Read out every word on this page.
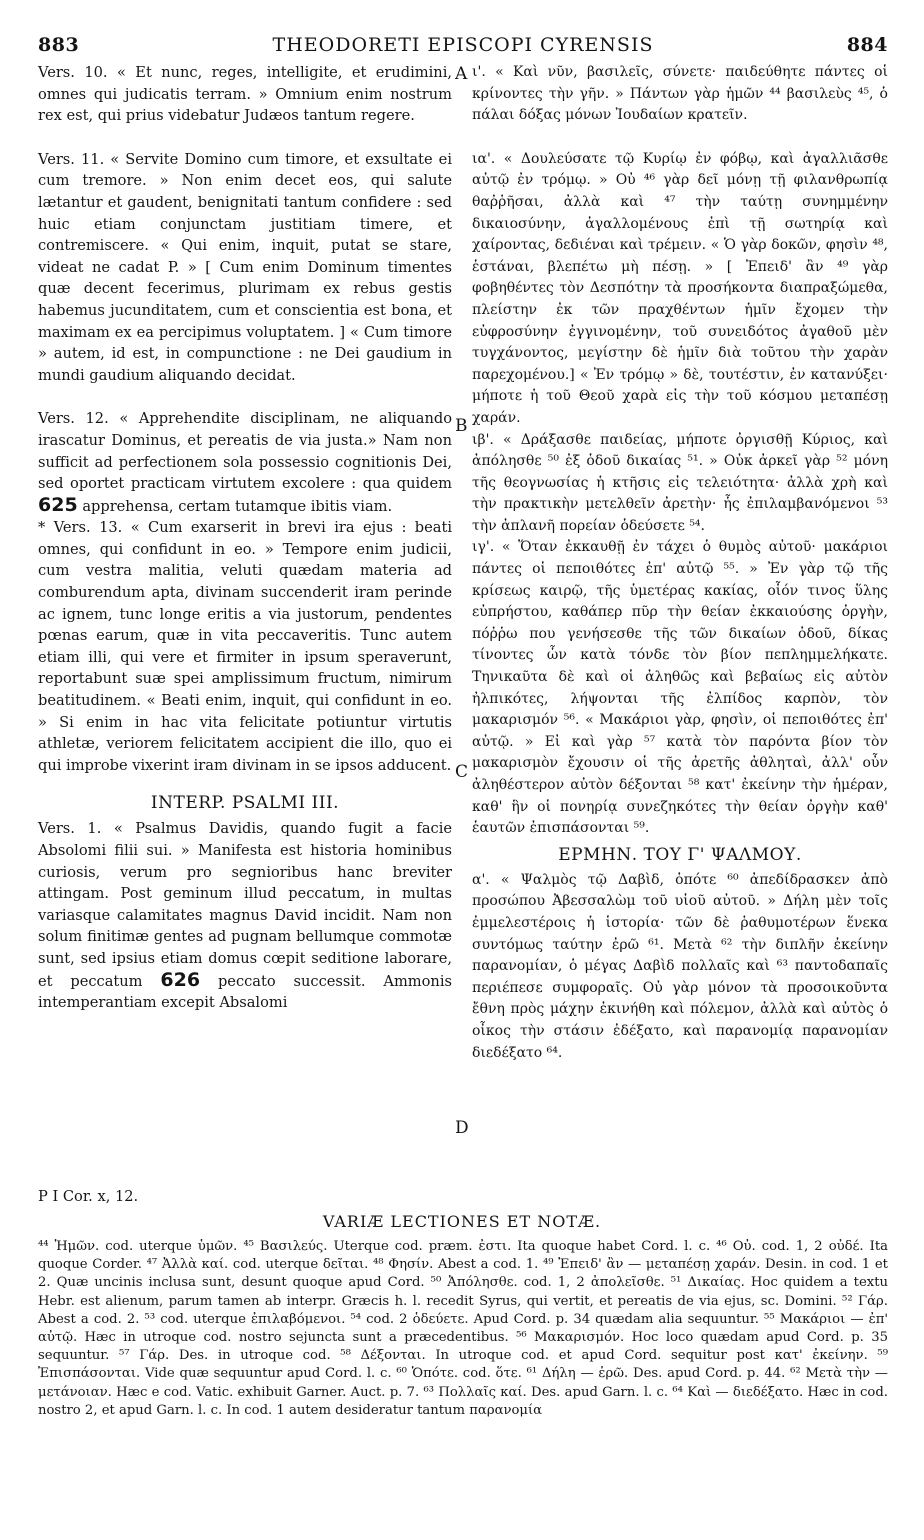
883	THEODORETI EPISCOPI CYRENSIS	884

Vers. 10. « Et nunc, reges, intelligite, et erudimini, omnes qui judicatis terram. » Omnium enim nostrum rex est, qui prius videbatur Judæos tantum regere.

Vers. 11. « Servite Domino cum timore, et exsultate ei cum tremore. » Non enim decet eos, qui salute lætantur et gaudent, benignitati tantum confidere : sed huic etiam conjunctam justitiam timere, et contremiscere. « Qui enim, inquit, putat se stare, videat ne cadat P. » [ Cum enim Dominum timentes quæ decent fecerimus, plurimam ex rebus gestis habemus jucunditatem, cum et conscientia est bona, et maximam ex ea percipimus voluptatem. ] « Cum timore » autem, id est, in compunctione : ne Dei gaudium in mundi gaudium aliquando decidat.

Vers. 12. « Apprehendite disciplinam, ne aliquando irascatur Dominus, et pereatis de via justa.» Nam non sufficit ad perfectionem sola possessio cognitionis Dei, sed oportet practicam virtutem excolere : qua quidem 625 apprehensa, certam tutamque ibitis viam.

* Vers. 13. « Cum exarserit in brevi ira ejus : beati omnes, qui confidunt in eo. » Tempore enim judicii, cum vestra malitia, veluti quædam materia ad comburendum apta, divinam succenderit iram perinde ac ignem, tunc longe eritis a via justorum, pendentes pœnas earum, quæ in vita peccaveritis. Tunc autem etiam illi, qui vere et firmiter in ipsum speraverunt, reportabunt suæ spei amplissimum fructum, nimirum beatitudinem. « Beati enim, inquit, qui confidunt in eo. » Si enim in hac vita felicitate potiuntur virtutis athletæ, veriorem felicitatem accipient die illo, quo ei qui improbe vixerint iram divinam in se ipsos adducent.

INTERP. PSALMI III.

Vers. 1. « Psalmus Davidis, quando fugit a facie Absolomi filii sui. » Manifesta est historia hominibus curiosis, verum pro segnioribus hanc breviter attingam. Post geminum illud peccatum, in multas variasque calamitates magnus David incidit. Nam non solum finitimæ gentes ad pugnam bellumque commotæ sunt, sed ipsius etiam domus cœpit seditione laborare, et peccatum 626 peccato successit. Ammonis intemperantiam excepit Absalomi

A
B
C
D

ι'. « Καὶ νῦν, βασιλεῖς, σύνετε· παιδεύθητε πάντες οἱ κρίνοντες τὴν γῆν. » Πάντων γὰρ ἡμῶν ⁴⁴ βασιλεὺς ⁴⁵, ὁ πάλαι δόξας μόνων Ἰουδαίων κρατεῖν.

ια'. « Δουλεύσατε τῷ Κυρίῳ ἐν φόβῳ, καὶ ἀγαλλιᾶσθε αὐτῷ ἐν τρόμῳ. » Οὐ ⁴⁶ γὰρ δεῖ μόνῃ τῇ φιλανθρωπίᾳ θαῤῥῆσαι, ἀλλὰ καὶ ⁴⁷ τὴν ταύτῃ συνημμένην δικαιοσύνην, ἀγαλλομένους ἐπὶ τῇ σωτηρίᾳ καὶ χαίροντας, δεδιέναι καὶ τρέμειν. « Ὁ γὰρ δοκῶν, φησὶν ⁴⁸, ἑστάναι, βλεπέτω μὴ πέσῃ. » [ Ἐπειδ' ἂν ⁴⁹ γὰρ φοβηθέντες τὸν Δεσπότην τὰ προσήκοντα διαπραξώμεθα, πλείστην ἐκ τῶν πραχθέντων ἡμῖν ἔχομεν τὴν εὐφροσύνην ἐγγινομένην, τοῦ συνειδότος ἀγαθοῦ μὲν τυγχάνοντος, μεγίστην δὲ ἡμῖν διὰ τοῦτου τὴν χαρὰν παρεχομένου.] « Ἐν τρόμῳ » δὲ, τουτέστιν, ἐν κατανύξει· μήποτε ἡ τοῦ Θεοῦ χαρὰ εἰς τὴν τοῦ κόσμου μεταπέσῃ χαράν.

ιβ'. « Δράξασθε παιδείας, μήποτε ὀργισθῇ Κύριος, καὶ ἀπόλησθε ⁵⁰ ἐξ ὁδοῦ δικαίας ⁵¹. » Οὐκ ἀρκεῖ γὰρ ⁵² μόνη τῆς θεογνωσίας ἡ κτῆσις εἰς τελειότητα· ἀλλὰ χρὴ καὶ τὴν πρακτικὴν μετελθεῖν ἀρετὴν· ἧς ἐπιλαμβανόμενοι ⁵³ τὴν ἀπλανῆ πορείαν ὁδεύσετε ⁵⁴.

ιγ'. « Ὅταν ἐκκαυθῇ ἐν τάχει ὁ θυμὸς αὐτοῦ· μακάριοι πάντες οἱ πεποιθότες ἐπ' αὐτῷ ⁵⁵. » Ἐν γὰρ τῷ τῆς κρίσεως καιρῷ, τῆς ὑμετέρας κακίας, οἷόν τινος ὕλης εὐπρήστου, καθάπερ πῦρ τὴν θείαν ἐκκαιούσης ὀργὴν, πόῤῥω που γενήσεσθε τῆς τῶν δικαίων ὁδοῦ, δίκας τίνοντες ὧν κατὰ τόνδε τὸν βίον πεπλημμελήκατε. Τηνικαῦτα δὲ καὶ οἱ ἀληθῶς καὶ βεβαίως εἰς αὐτὸν ἠλπικότες, λήψονται τῆς ἐλπίδος καρπὸν, τὸν μακαρισμόν ⁵⁶. « Μακάριοι γὰρ, φησὶν, οἱ πεποιθότες ἐπ' αὐτῷ. » Εἰ καὶ γὰρ ⁵⁷ κατὰ τὸν παρόντα βίον τὸν μακαρισμὸν ἔχουσιν οἱ τῆς ἀρετῆς ἀθληταὶ, ἀλλ' οὖν ἀληθέστερον αὐτὸν δέξονται ⁵⁸ κατ' ἐκείνην τὴν ἡμέραν, καθ' ἣν οἱ πονηρίᾳ συνεζηκότες τὴν θείαν ὀργὴν καθ' ἑαυτῶν ἐπισπάσονται ⁵⁹.

ΕΡΜΗΝ. ΤΟΥ Γ' ΨΑΛΜΟΥ.

α'. « Ψαλμὸς τῷ Δαβὶδ, ὁπότε ⁶⁰ ἀπεδίδρασκεν ἀπὸ προσώπου Ἀβεσσαλὼμ τοῦ υἱοῦ αὐτοῦ. » Δήλη μὲν τοῖς ἐμμελεστέροις ἡ ἱστορία· τῶν δὲ ῥαθυμοτέρων ἕνεκα συντόμως ταύτην ἐρῶ ⁶¹. Μετὰ ⁶² τὴν διπλῆν ἐκείνην παρανομίαν, ὁ μέγας Δαβὶδ πολλαῖς καὶ ⁶³ παντοδαπαῖς περιέπεσε συμφοραῖς. Οὐ γὰρ μόνον τὰ προσοικοῦντα ἔθνη πρὸς μάχην ἐκινήθη καὶ πόλεμον, ἀλλὰ καὶ αὐτὸς ὁ οἶκος τὴν στάσιν ἐδέξατο, καὶ παρανομίᾳ παρανομίαν διεδέξατο ⁶⁴.

P I Cor. x, 12.
VARIÆ LECTIONES ET NOTÆ.
⁴⁴ Ἡμῶν. cod. uterque ὑμῶν. ⁴⁵ Βασιλεύς. Uterque cod. præm. ἐστι. Ita quoque habet Cord. l. c. ⁴⁶ Οὐ. cod. 1, 2 οὐδέ. Ita quoque Corder. ⁴⁷ Ἀλλὰ καί. cod. uterque δεῖται. ⁴⁸ Φησίν. Abest a cod. 1. ⁴⁹ Ἐπειδ' ἂν — μεταπέσῃ χαράν. Desin. in cod. 1 et 2. Quæ uncinis inclusa sunt, desunt quoque apud Cord. ⁵⁰ Ἀπόλησθε. cod. 1, 2 ἀπολεῖσθε. ⁵¹ Δικαίας. Hoc quidem a textu Hebr. est alienum, parum tamen ab interpr. Græcis h. l. recedit Syrus, qui vertit, et pereatis de via ejus, sc. Domini. ⁵² Γάρ. Abest a cod. 2. ⁵³ cod. uterque ἐπιλαβόμενοι. ⁵⁴ cod. 2 ὁδεύετε. Apud Cord. p. 34 quædam alia sequuntur. ⁵⁵ Μακάριοι — ἐπ' αὐτῷ. Hæc in utroque cod. nostro sejuncta sunt a præcedentibus. ⁵⁶ Μακαρισμόν. Hoc loco quædam apud Cord. p. 35 sequuntur. ⁵⁷ Γάρ. Des. in utroque cod. ⁵⁸ Δέξονται. In utroque cod. et apud Cord. sequitur post κατ' ἐκείνην. ⁵⁹ Ἐπισπάσονται. Vide quæ sequuntur apud Cord. l. c. ⁶⁰ Ὁπότε. cod. ὅτε. ⁶¹ Δήλη — ἐρῶ. Des. apud Cord. p. 44. ⁶² Μετὰ τὴν — μετάνοιαν. Hæc e cod. Vatic. exhibuit Garner. Auct. p. 7. ⁶³ Πολλαῖς καί. Des. apud Garn. l. c. ⁶⁴ Καὶ — διεδέξατο. Hæc in cod. nostro 2, et apud Garn. l. c. In cod. 1 autem desideratur tantum παρανομία
